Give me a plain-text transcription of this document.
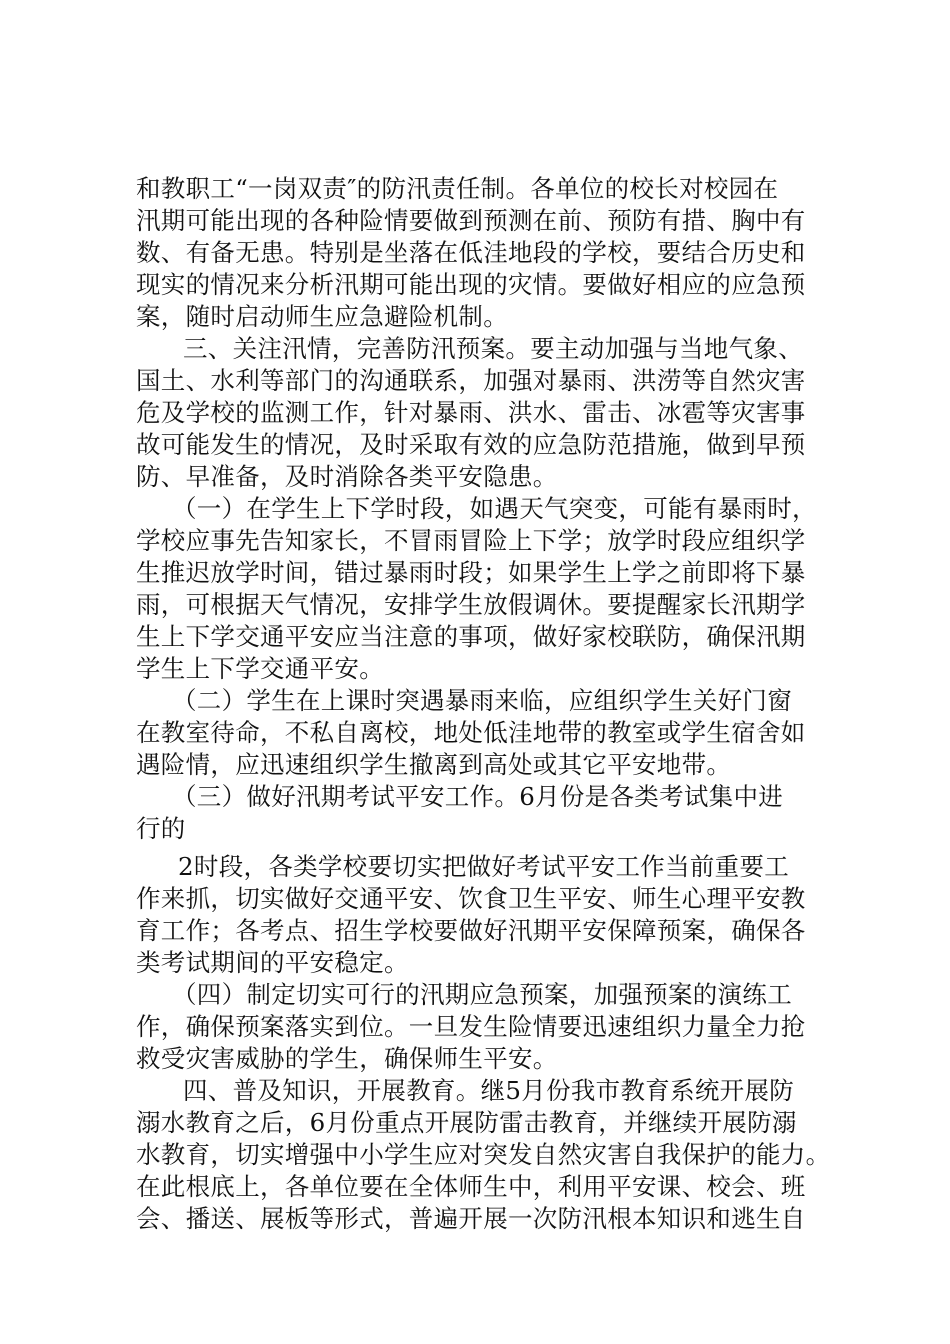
和教职工“一岗双责″的防汛责任制。各单位的校长对校园在
汛期可能出现的各种险情要做到预测在前、预防有措、胸中有
数、有备无患。特别是坐落在低洼地段的学校，要结合历史和
现实的情况来分析汛期可能出现的灾情。要做好相应的应急预
案，随时启动师生应急避险机制。
三、关注汛情，完善防汛预案。要主动加强与当地气象、
国土、水利等部门的沟通联系，加强对暴雨、洪涝等自然灾害
危及学校的监测工作，针对暴雨、洪水、雷击、冰雹等灾害事
故可能发生的情况，及时采取有效的应急防范措施，做到早预
防、早准备，及时消除各类平安隐患。
（一）在学生上下学时段，如遇天气突变，可能有暴雨时，
学校应事先告知家长，不冒雨冒险上下学；放学时段应组织学
生推迟放学时间，错过暴雨时段；如果学生上学之前即将下暴
雨，可根据天气情况，安排学生放假调休。要提醒家长汛期学
生上下学交通平安应当注意的事项，做好家校联防，确保汛期
学生上下学交通平安。
（二）学生在上课时突遇暴雨来临，应组织学生关好门窗
在教室待命，不私自离校，地处低洼地带的教室或学生宿舍如
遇险情，应迅速组织学生撤离到高处或其它平安地带。
（三）做好汛期考试平安工作。6月份是各类考试集中进
行的
2时段，各类学校要切实把做好考试平安工作当前重要工
作来抓，切实做好交通平安、饮食卫生平安、师生心理平安教
育工作；各考点、招生学校要做好汛期平安保障预案，确保各
类考试期间的平安稳定。
（四）制定切实可行的汛期应急预案，加强预案的演练工
作，确保预案落实到位。一旦发生险情要迅速组织力量全力抢
救受灾害威胁的学生，确保师生平安。
四、普及知识，开展教育。继5月份我市教育系统开展防
溺水教育之后，6月份重点开展防雷击教育，并继续开展防溺
水教育，切实增强中小学生应对突发自然灾害自我保护的能力。
在此根底上，各单位要在全体师生中，利用平安课、校会、班
会、播送、展板等形式，普遍开展一次防汛根本知识和逃生自
